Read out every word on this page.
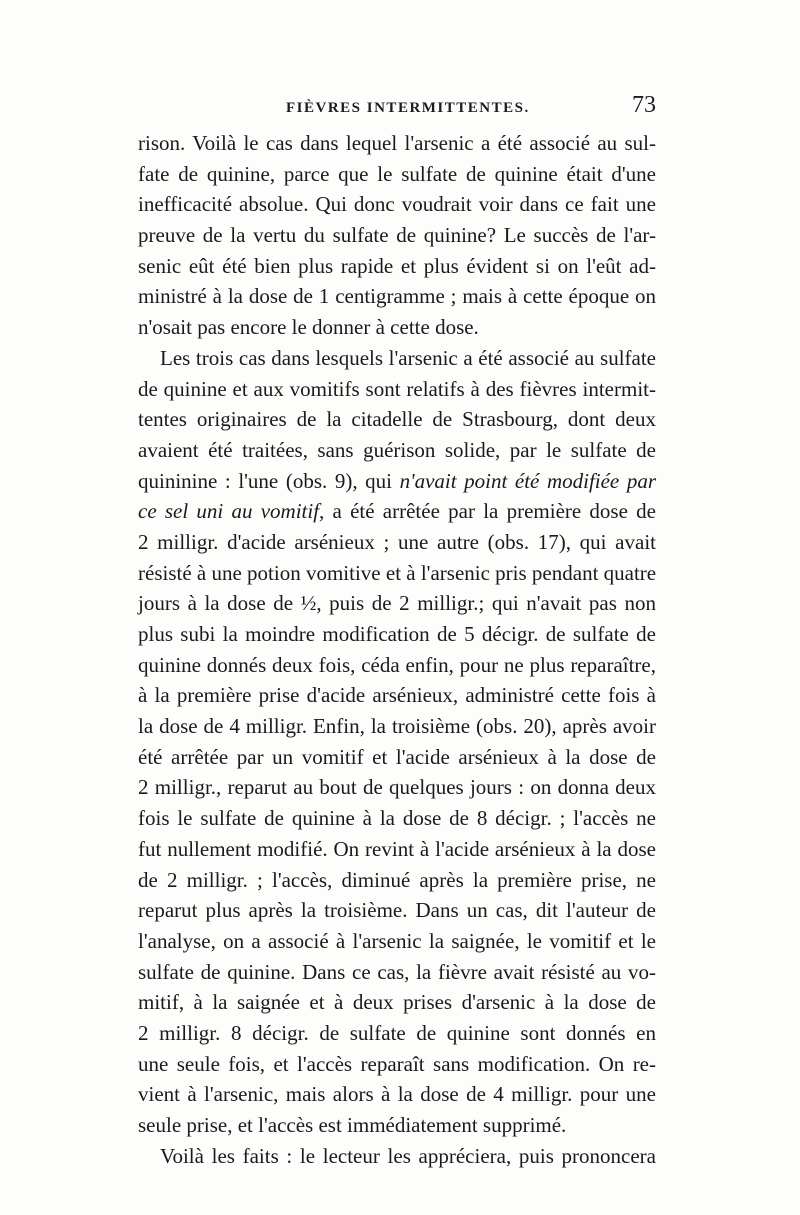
FIÈVRES INTERMITTENTES.	73
rison. Voilà le cas dans lequel l'arsenic a été associé au sul-
fate de quinine, parce que le sulfate de quinine était d'une
inefficacité absolue. Qui donc voudrait voir dans ce fait une
preuve de la vertu du sulfate de quinine? Le succès de l'ar-
senic eût été bien plus rapide et plus évident si on l'eût ad-
ministré à la dose de 1 centigramme ; mais à cette époque on
n'osait pas encore le donner à cette dose.
Les trois cas dans lesquels l'arsenic a été associé au sulfate
de quinine et aux vomitifs sont relatifs à des fièvres intermit-
tentes originaires de la citadelle de Strasbourg, dont deux
avaient été traitées, sans guérison solide, par le sulfate de
quininine : l'une (obs. 9), qui n'avait point été modifiée par
ce sel uni au vomitif, a été arrêtée par la première dose de
2 milligr. d'acide arsénieux ; une autre (obs. 17), qui avait
résisté à une potion vomitive et à l'arsenic pris pendant quatre
jours à la dose de ½, puis de 2 milligr.; qui n'avait pas non
plus subi la moindre modification de 5 décigr. de sulfate de
quinine donnés deux fois, céda enfin, pour ne plus reparaître,
à la première prise d'acide arsénieux, administré cette fois à
la dose de 4 milligr. Enfin, la troisième (obs. 20), après avoir
été arrêtée par un vomitif et l'acide arsénieux à la dose de
2 milligr., reparut au bout de quelques jours : on donna deux
fois le sulfate de quinine à la dose de 8 décigr. ; l'accès ne
fut nullement modifié. On revint à l'acide arsénieux à la dose
de 2 milligr. ; l'accès, diminué après la première prise, ne
reparut plus après la troisième. Dans un cas, dit l'auteur de
l'analyse, on a associé à l'arsenic la saignée, le vomitif et le
sulfate de quinine. Dans ce cas, la fièvre avait résisté au vo-
mitif, à la saignée et à deux prises d'arsenic à la dose de
2 milligr. 8 décigr. de sulfate de quinine sont donnés en
une seule fois, et l'accès reparaît sans modification. On re-
vient à l'arsenic, mais alors à la dose de 4 milligr. pour une
seule prise, et l'accès est immédiatement supprimé.
Voilà les faits : le lecteur les appréciera, puis prononcera
